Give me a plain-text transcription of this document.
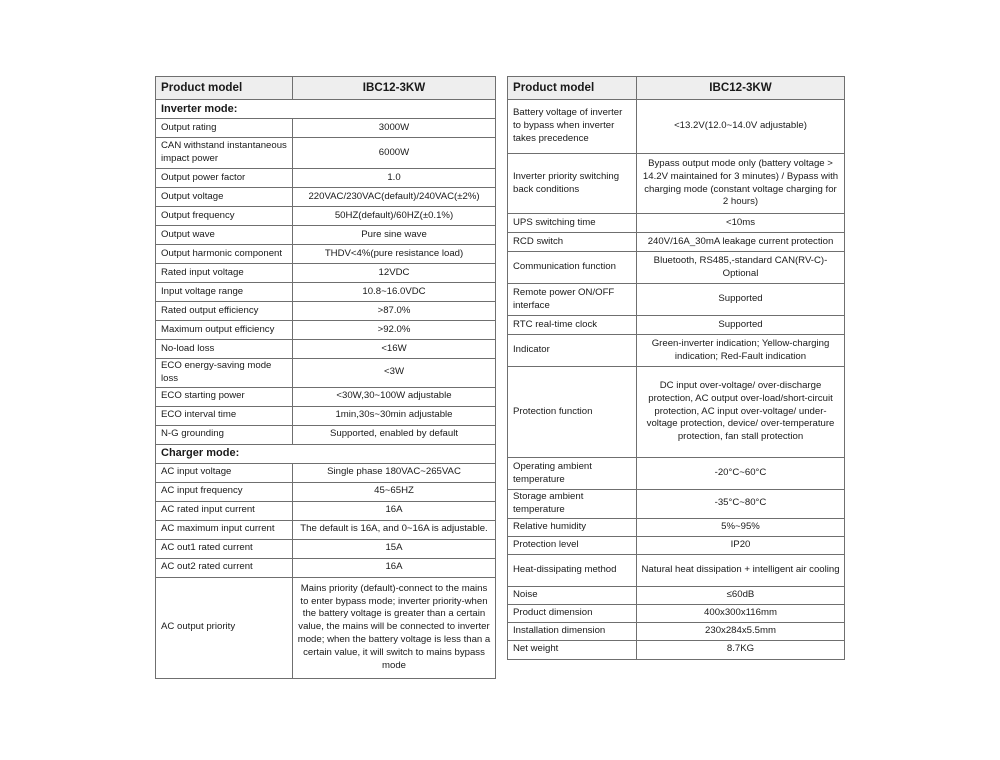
Product model	IBC12-3KW
Inverter mode:	
Output rating	3000W
CAN withstand instantaneous impact power	6000W
Output power factor	1.0
Output voltage	220VAC/230VAC(default)/240VAC(±2%)
Output frequency	50HZ(default)/60HZ(±0.1%)
Output wave	Pure sine wave
Output harmonic component	THDV<4%(pure resistance load)
Rated input voltage	12VDC
Input voltage range	10.8~16.0VDC
Rated output efficiency	>87.0%
Maximum output efficiency	>92.0%
No-load loss	<16W
ECO energy-saving mode loss	<3W
ECO starting power	<30W,30~100W adjustable
ECO interval time	1min,30s~30min adjustable
N-G grounding	Supported, enabled by default
Charger mode:	
AC input voltage	Single phase 180VAC~265VAC
AC input frequency	45~65HZ
AC rated input current	16A
AC maximum input current	The default is 16A, and 0~16A is adjustable.
AC out1 rated current	15A
AC out2 rated current	16A
AC output priority	Mains priority (default)-connect to the mains to enter bypass mode; inverter priority-when the battery voltage is greater than a certain value, the mains will be connected to inverter mode; when the battery voltage is less than a certain value, it will switch to mains bypass mode
Product model	IBC12-3KW
Battery voltage of inverter to bypass when inverter takes precedence	<13.2V(12.0~14.0V adjustable)
Inverter priority switching back conditions	Bypass output mode only (battery voltage > 14.2V maintained for 3 minutes) / Bypass with charging mode (constant voltage charging for 2 hours)
UPS switching time	<10ms
RCD switch	240V/16A_30mA leakage current protection
Communication function	Bluetooth, RS485,-standard CAN(RV-C)-Optional
Remote power ON/OFF interface	Supported
RTC real-time clock	Supported
Indicator	Green-inverter indication; Yellow-charging indication; Red-Fault indication
Protection function	DC input over-voltage/ over-discharge protection, AC output over-load/short-circuit protection, AC input over-voltage/ under-voltage protection, device/ over-temperature protection, fan stall protection
Operating ambient temperature	-20°C~60°C
Storage ambient temperature	-35°C~80°C
Relative humidity	5%~95%
Protection level	IP20
Heat-dissipating method	Natural heat dissipation + intelligent air cooling
Noise	≤60dB
Product dimension	400x300x116mm
Installation dimension	230x284x5.5mm
Net weight	8.7KG
